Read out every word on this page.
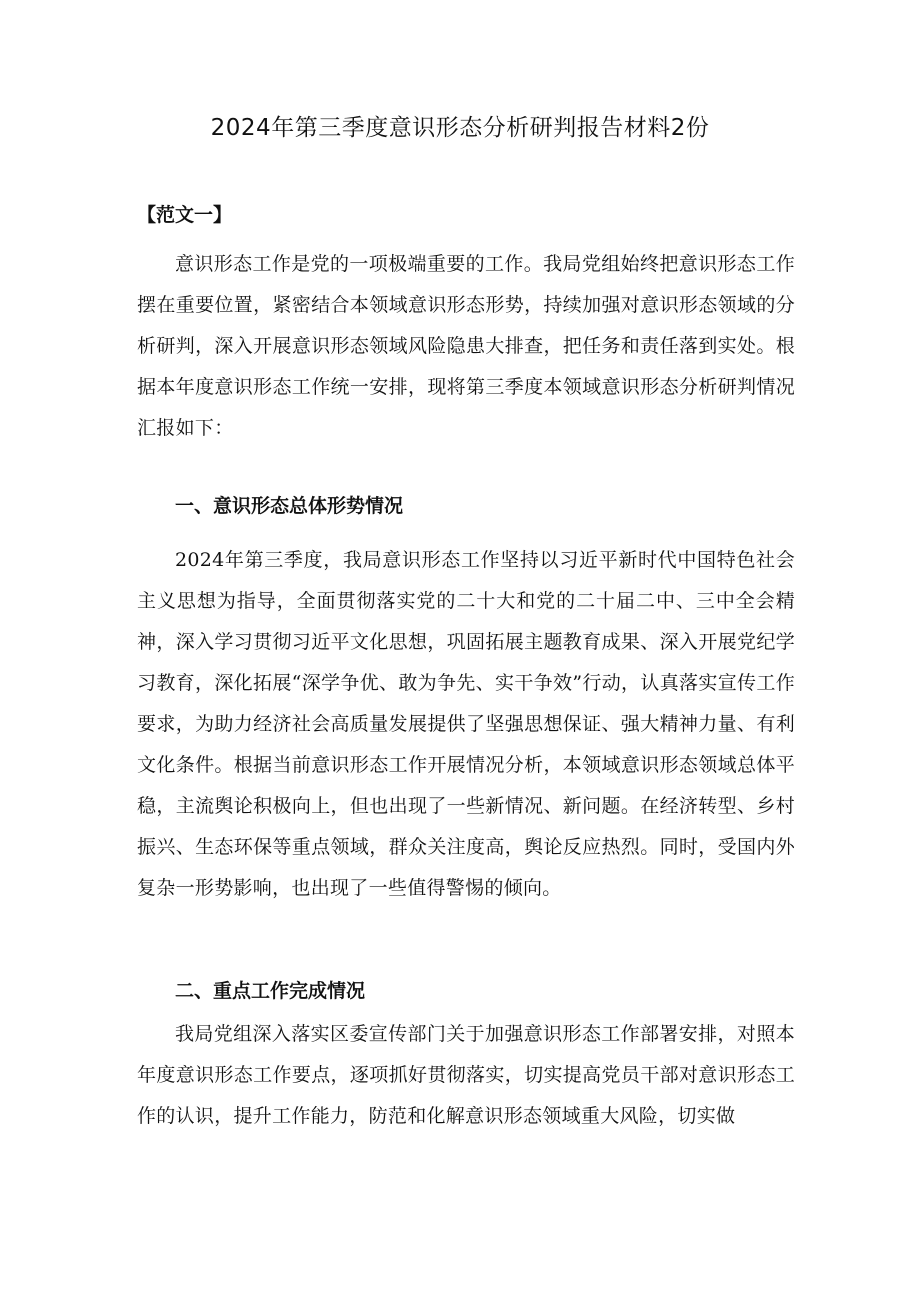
2024年第三季度意识形态分析研判报告材料2份

【范文一】

意识形态工作是党的一项极端重要的工作。我局党组始终把意识形态工作摆在重要位置，紧密结合本领域意识形态形势，持续加强对意识形态领域的分析研判，深入开展意识形态领域风险隐患大排查，把任务和责任落到实处。根据本年度意识形态工作统一安排，现将第三季度本领域意识形态分析研判情况汇报如下：

一、意识形态总体形势情况

2024年第三季度，我局意识形态工作坚持以习近平新时代中国特色社会主义思想为指导，全面贯彻落实党的二十大和党的二十届二中、三中全会精神，深入学习贯彻习近平文化思想，巩固拓展主题教育成果、深入开展党纪学习教育，深化拓展“深学争优、敢为争先、实干争效”行动，认真落实宣传工作要求，为助力经济社会高质量发展提供了坚强思想保证、强大精神力量、有利文化条件。根据当前意识形态工作开展情况分析，本领域意识形态领域总体平稳，主流舆论积极向上，但也出现了一些新情况、新问题。在经济转型、乡村振兴、生态环保等重点领域，群众关注度高，舆论反应热烈。同时，受国内外复杂一形势影响，也出现了一些值得警惕的倾向。

二、重点工作完成情况

我局党组深入落实区委宣传部门关于加强意识形态工作部署安排，对照本年度意识形态工作要点，逐项抓好贯彻落实，切实提高党员干部对意识形态工作的认识，提升工作能力，防范和化解意识形态领域重大风险，切实做
